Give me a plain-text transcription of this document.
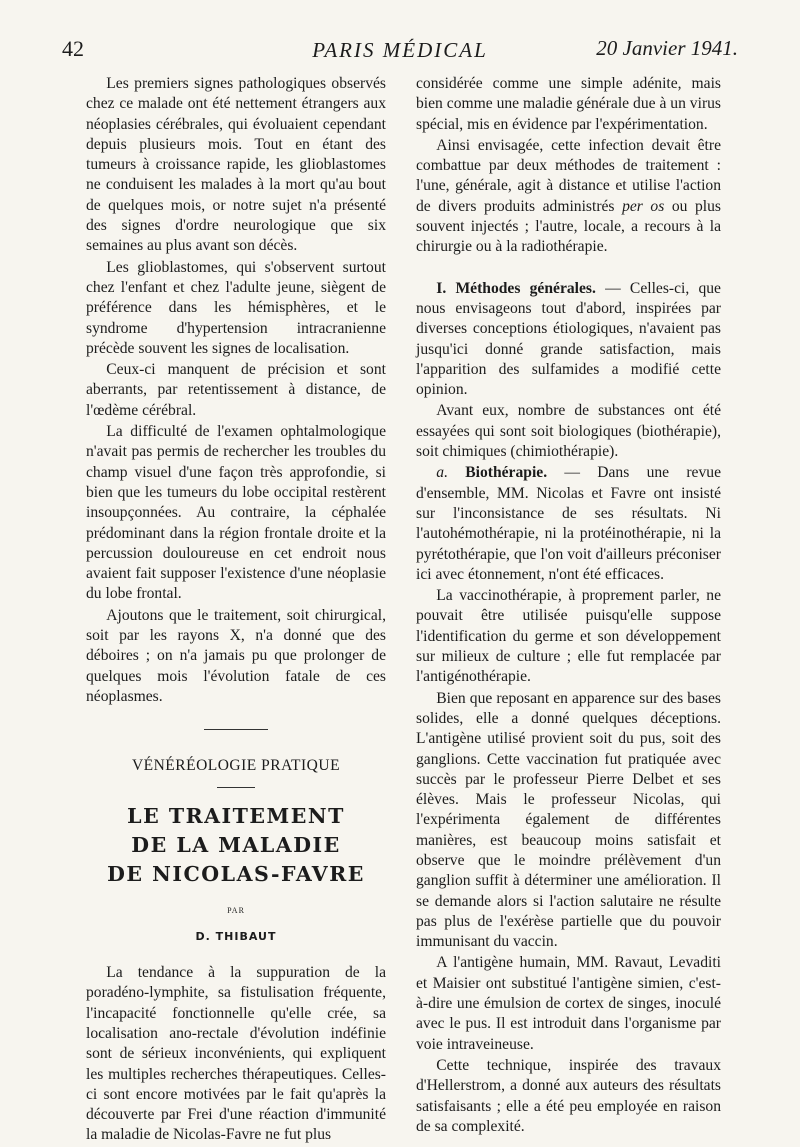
42	PARIS MÉDICAL	20 Janvier 1941.

Les premiers signes pathologiques observés chez ce malade ont été nettement étrangers aux néoplasies cérébrales, qui évoluaient cependant depuis plusieurs mois. Tout en étant des tumeurs à croissance rapide, les glioblastomes ne conduisent les malades à la mort qu'au bout de quelques mois, or notre sujet n'a présenté des signes d'ordre neurologique que six semaines au plus avant son décès.

Les glioblastomes, qui s'observent surtout chez l'enfant et chez l'adulte jeune, siègent de préférence dans les hémisphères, et le syndrome d'hypertension intracranienne précède souvent les signes de localisation.

Ceux-ci manquent de précision et sont aberrants, par retentissement à distance, de l'œdème cérébral.

La difficulté de l'examen ophtalmologique n'avait pas permis de rechercher les troubles du champ visuel d'une façon très approfondie, si bien que les tumeurs du lobe occipital restèrent insoupçonnées. Au contraire, la céphalée prédominant dans la région frontale droite et la percussion douloureuse en cet endroit nous avaient fait supposer l'existence d'une néoplasie du lobe frontal.

Ajoutons que le traitement, soit chirurgical, soit par les rayons X, n'a donné que des déboires ; on n'a jamais pu que prolonger de quelques mois l'évolution fatale de ces néoplasmes.

VÉNÉRÉOLOGIE PRATIQUE
LE TRAITEMENT
DE LA MALADIE
DE NICOLAS-FAVRE
PAR
D. THIBAUT

La tendance à la suppuration de la poradéno-lymphite, sa fistulisation fréquente, l'incapacité fonctionnelle qu'elle crée, sa localisation ano-rectale d'évolution indéfinie sont de sérieux inconvénients, qui expliquent les multiples recherches thérapeutiques. Celles-ci sont encore motivées par le fait qu'après la découverte par Frei d'une réaction d'immunité la maladie de Nicolas-Favre ne fut plus

considérée comme une simple adénite, mais bien comme une maladie générale due à un virus spécial, mis en évidence par l'expérimentation.

Ainsi envisagée, cette infection devait être combattue par deux méthodes de traitement : l'une, générale, agit à distance et utilise l'action de divers produits administrés per os ou plus souvent injectés ; l'autre, locale, a recours à la chirurgie ou à la radiothérapie.

I. Méthodes générales. — Celles-ci, que nous envisageons tout d'abord, inspirées par diverses conceptions étiologiques, n'avaient pas jusqu'ici donné grande satisfaction, mais l'apparition des sulfamides a modifié cette opinion.

Avant eux, nombre de substances ont été essayées qui sont soit biologiques (biothérapie), soit chimiques (chimiothérapie).

a. Biothérapie. — Dans une revue d'ensemble, MM. Nicolas et Favre ont insisté sur l'inconsistance de ses résultats. Ni l'autohémothérapie, ni la protéinothérapie, ni la pyrétothérapie, que l'on voit d'ailleurs préconiser ici avec étonnement, n'ont été efficaces.

La vaccinothérapie, à proprement parler, ne pouvait être utilisée puisqu'elle suppose l'identification du germe et son développement sur milieux de culture ; elle fut remplacée par l'antigénothérapie.

Bien que reposant en apparence sur des bases solides, elle a donné quelques déceptions. L'antigène utilisé provient soit du pus, soit des ganglions. Cette vaccination fut pratiquée avec succès par le professeur Pierre Delbet et ses élèves. Mais le professeur Nicolas, qui l'expérimenta également de différentes manières, est beaucoup moins satisfait et observe que le moindre prélèvement d'un ganglion suffit à déterminer une amélioration. Il se demande alors si l'action salutaire ne résulte pas plus de l'exérèse partielle que du pouvoir immunisant du vaccin.

A l'antigène humain, MM. Ravaut, Levaditi et Maisier ont substitué l'antigène simien, c'est-à-dire une émulsion de cortex de singes, inoculé avec le pus. Il est introduit dans l'organisme par voie intraveineuse.

Cette technique, inspirée des travaux d'Hellerstrom, a donné aux auteurs des résultats satisfaisants ; elle a été peu employée en raison de sa complexité.
